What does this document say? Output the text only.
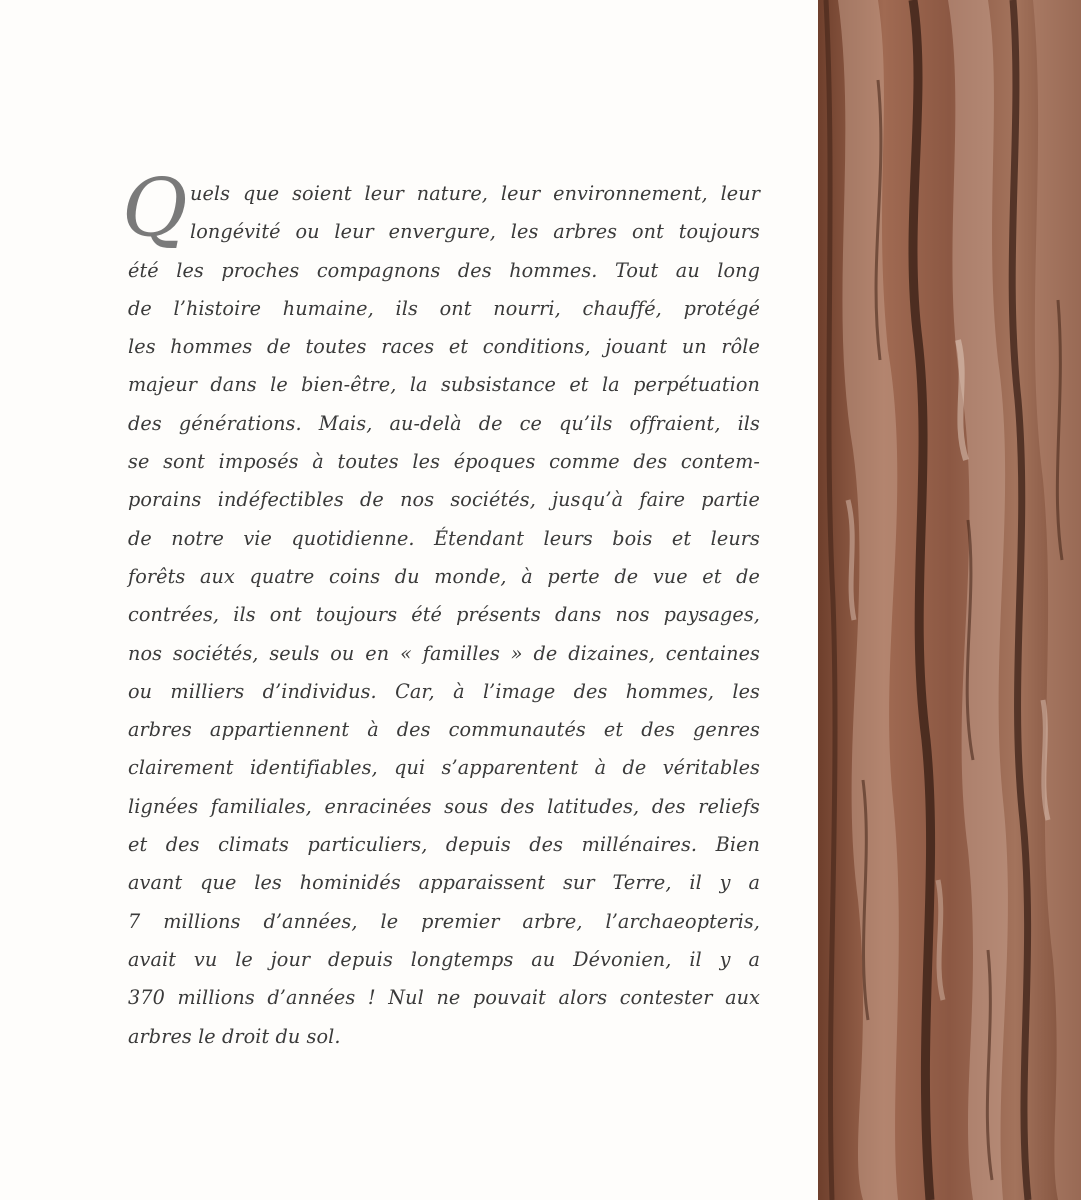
Q uels que soient leur nature, leur environnement, leur
longévité ou leur envergure, les arbres ont toujours
été les proches compagnons des hommes. Tout au long
de l’histoire humaine, ils ont nourri, chauffé, protégé
les hommes de toutes races et conditions, jouant un rôle
majeur dans le bien-être, la subsistance et la perpétuation
des générations. Mais, au-delà de ce qu’ils offraient, ils
se sont imposés à toutes les époques comme des contem-
porains indéfectibles de nos sociétés, jusqu’à faire partie
de notre vie quotidienne. Étendant leurs bois et leurs
forêts aux quatre coins du monde, à perte de vue et de
contrées, ils ont toujours été présents dans nos paysages,
nos sociétés, seuls ou en « familles » de dizaines, centaines
ou milliers d’individus. Car, à l’image des hommes, les
arbres appartiennent à des communautés et des genres
clairement identifiables, qui s’apparentent à de véritables
lignées familiales, enracinées sous des latitudes, des reliefs
et des climats particuliers, depuis des millénaires. Bien
avant que les hominidés apparaissent sur Terre, il y a
7 millions d’années, le premier arbre, l’archaeopteris,
avait vu le jour depuis longtemps au Dévonien, il y a
370 millions d’années ! Nul ne pouvait alors contester aux
arbres le droit du sol.
